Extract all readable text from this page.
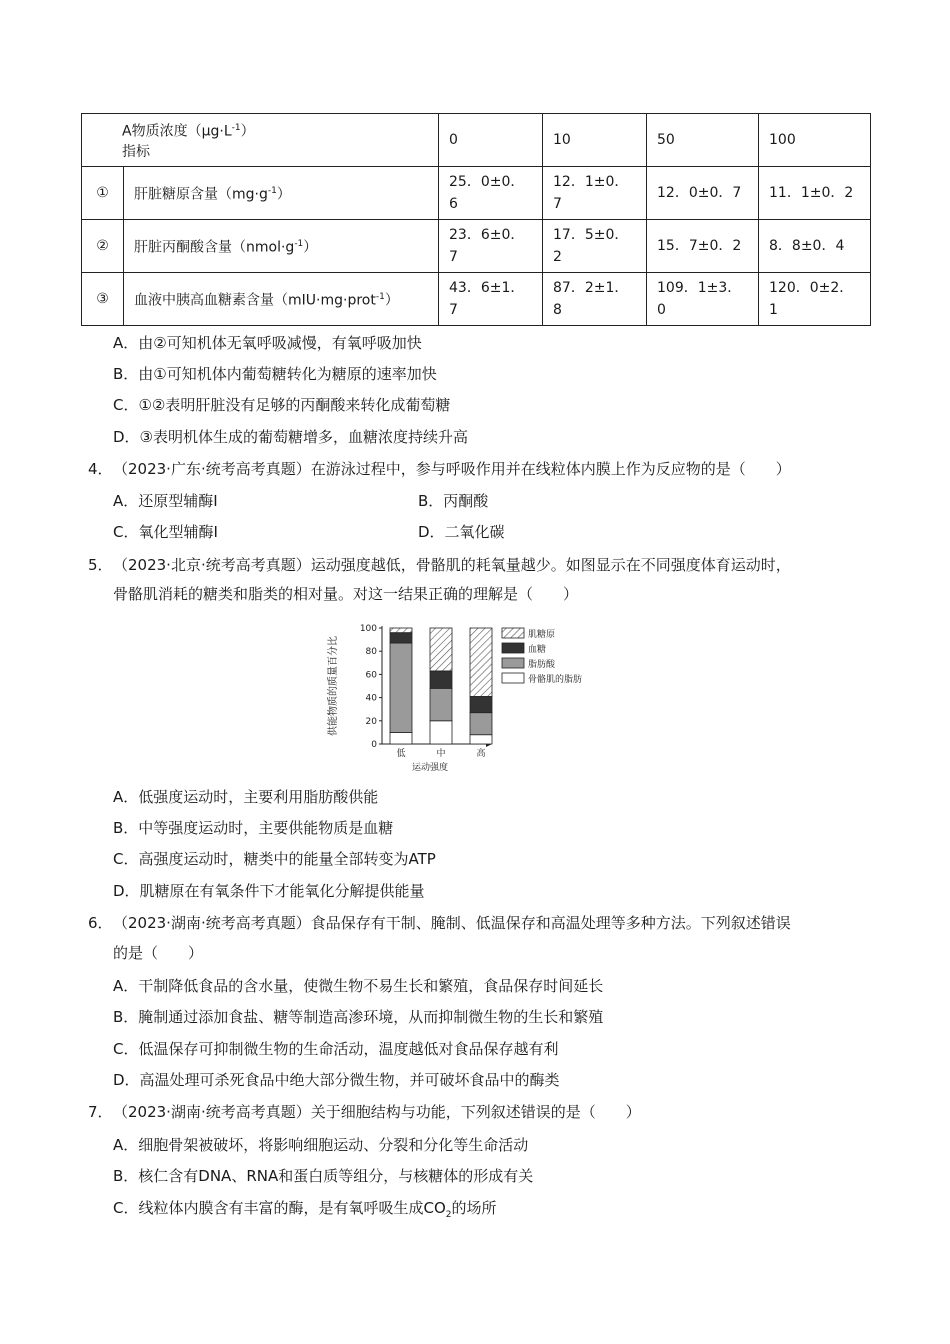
A物质浓度$(\mu g\cdot L^{-1})$
指标		0	10	50	100
①	肝脏糖原含量$(mg\cdot g^{-1})$	25．0±0．6	12．1±0．7	12．0±0．7	11．1±0．2
②	肝脏丙酮酸含量$(nmol\cdot g^{-1})$	23．6±0．7	17．5±0．2	15．7±0．2	8．8±0．4
③	血液中胰高血糖素含量（mIU·mg·prot$^{-1}$）	43．6±1．7	87．2±1．8	109．1±3．0	120．0±2．1
A．由②可知机体无氧呼吸减慢，有氧呼吸加快
B．由①可知机体内葡萄糖转化为糖原的速率加快
C．①②表明肝脏没有足够的丙酮酸来转化成葡萄糖
D．③表明机体生成的葡萄糖增多，血糖浓度持续升高
4．（2023·广东·统考高考真题）在游泳过程中，参与呼吸作用并在线粒体内膜上作为反应物的是（　　）
A．还原型辅酶Ⅰ	B．丙酮酸
C．氧化型辅酶Ⅰ	D．二氧化碳
5．（2023·北京·统考高考真题）运动强度越低，骨骼肌的耗氧量越少。如图显示在不同强度体育运动时，
骨骼肌消耗的糖类和脂类的相对量。对这一结果正确的理解是（　　）
供能物质的质量百分比
0
20
40
60
80
100
低	中	高
运动强度
肌糖原
血糖
脂肪酸
骨骼肌的脂肪
A．低强度运动时，主要利用脂肪酸供能
B．中等强度运动时，主要供能物质是血糖
C．高强度运动时，糖类中的能量全部转变为ATP
D．肌糖原在有氧条件下才能氧化分解提供能量
6．（2023·湖南·统考高考真题）食品保存有干制、腌制、低温保存和高温处理等多种方法。下列叙述错误
的是（　　）
A．干制降低食品的含水量，使微生物不易生长和繁殖，食品保存时间延长
B．腌制通过添加食盐、糖等制造高渗环境，从而抑制微生物的生长和繁殖
C．低温保存可抑制微生物的生命活动，温度越低对食品保存越有利
D．高温处理可杀死食品中绝大部分微生物，并可破坏食品中的酶类
7．（2023·湖南·统考高考真题）关于细胞结构与功能，下列叙述错误的是（　　）
A．细胞骨架被破坏，将影响细胞运动、分裂和分化等生命活动
B．核仁含有DNA、RNA和蛋白质等组分，与核糖体的形成有关
C．线粒体内膜含有丰富的酶，是有氧呼吸生成$CO_2$的场所
